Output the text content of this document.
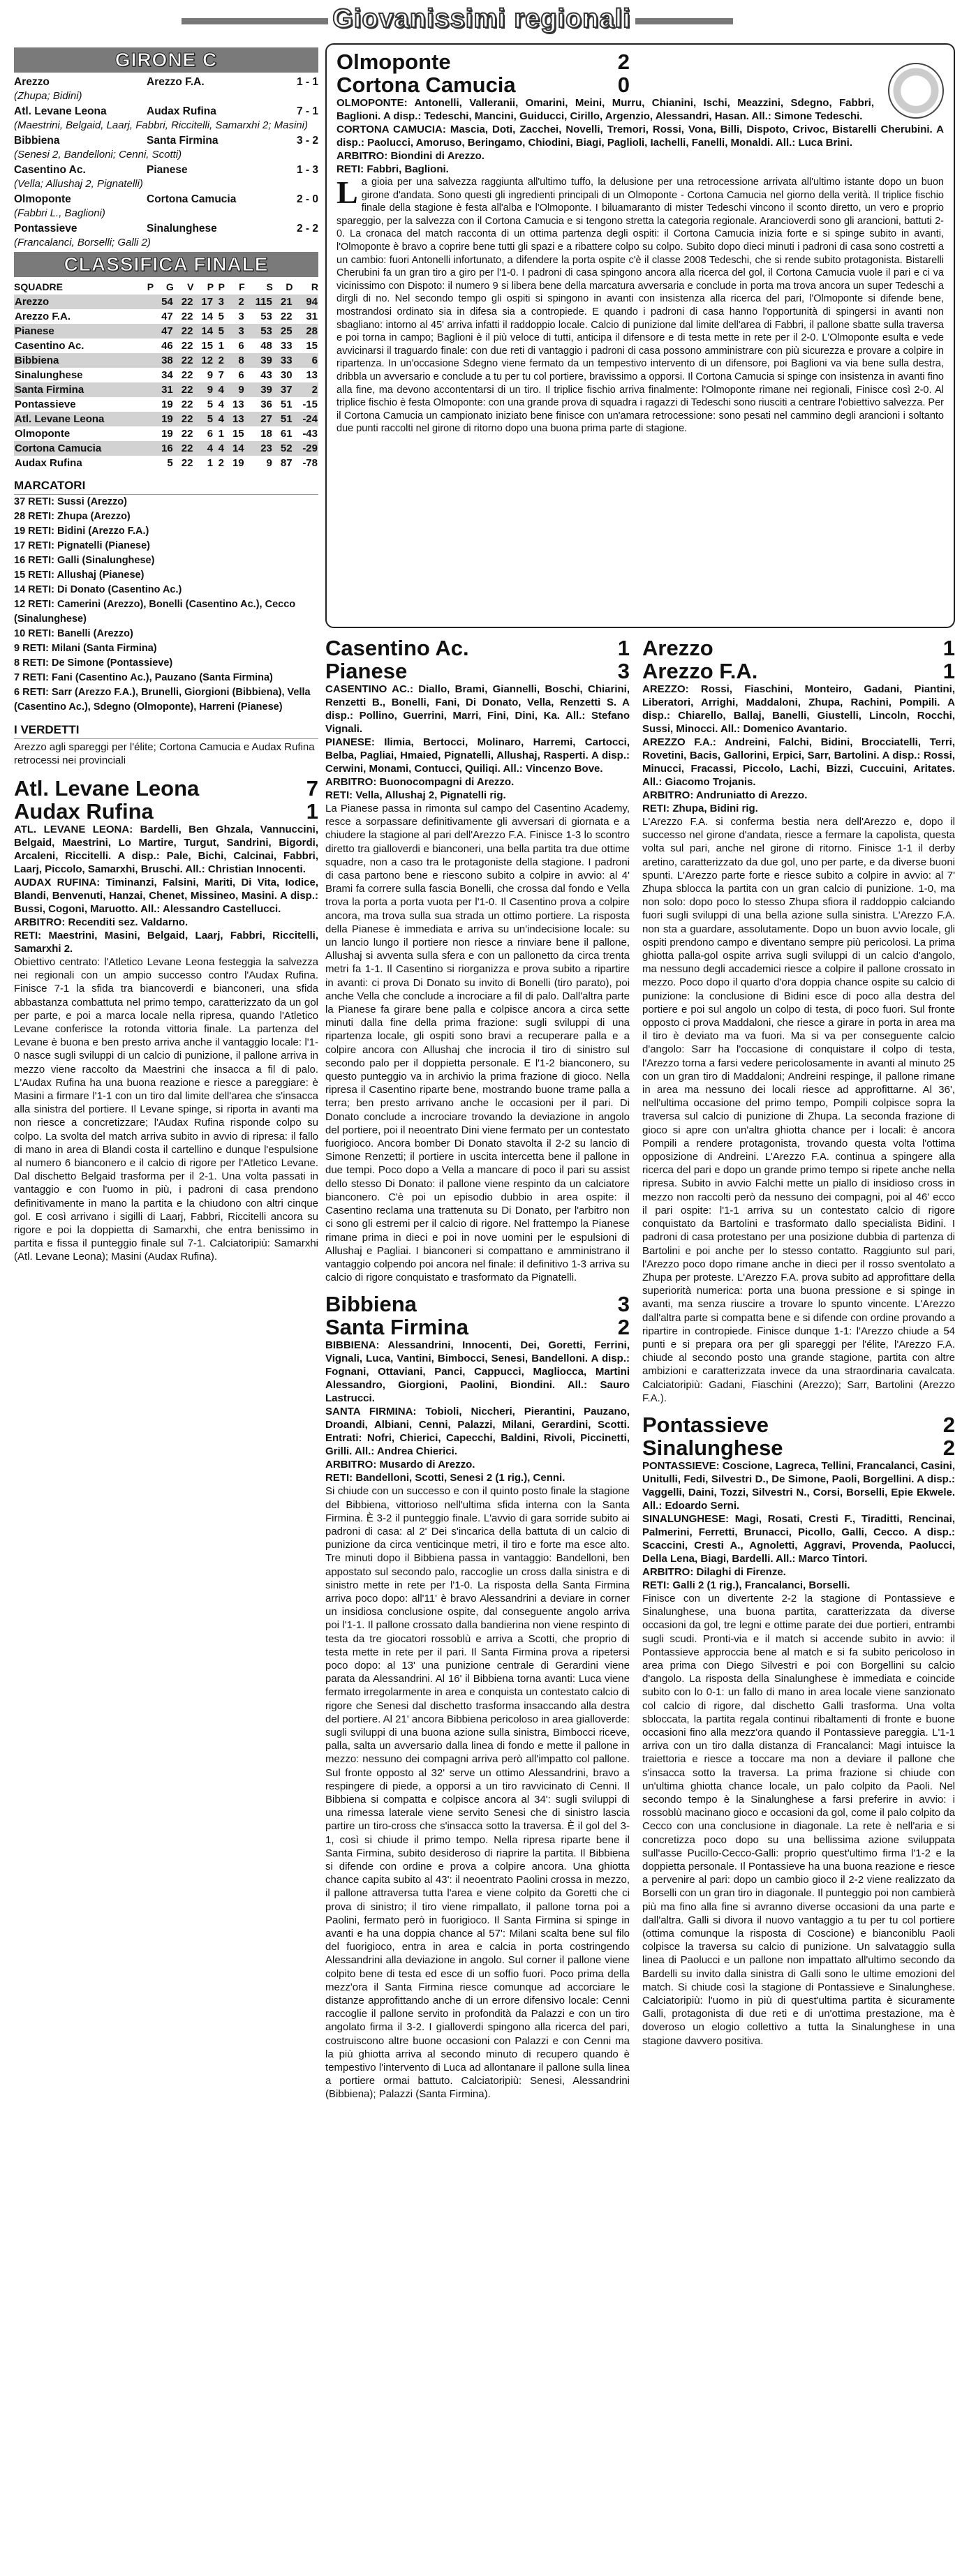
Giovanissimi regionali
GIRONE C
Arezzo	Arezzo F.A.	1 - 1
(Zhupa; Bidini)
Atl. Levane Leona	Audax Rufina	7 - 1
(Maestrini, Belgaid, Laarj, Fabbri, Riccitelli, Samarxhi 2; Masini)
Bibbiena	Santa Firmina	3 - 2
(Senesi 2, Bandelloni; Cenni, Scotti)
Casentino Ac.	Pianese	1 - 3
(Vella; Allushaj 2, Pignatelli)
Olmoponte	Cortona Camucia	2 - 0
(Fabbri L., Baglioni)
Pontassieve	Sinalunghese	2 - 2
(Francalanci, Borselli; Galli 2)
CLASSIFICA FINALE
SQUADRE	P	G	V	P	P	F	S	D	R
Arezzo		54	22	17	3	2	115	21	94
Arezzo F.A.		47	22	14	5	3	53	22	31
Pianese		47	22	14	5	3	53	25	28
Casentino Ac.		46	22	15	1	6	48	33	15
Bibbiena		38	22	12	2	8	39	33	6
Sinalunghese		34	22	9	7	6	43	30	13
Santa Firmina		31	22	9	4	9	39	37	2
Pontassieve		19	22	5	4	13	36	51	-15
Atl. Levane Leona		19	22	5	4	13	27	51	-24
Olmoponte		19	22	6	1	15	18	61	-43
Cortona Camucia		16	22	4	4	14	23	52	-29
Audax Rufina		5	22	1	2	19	9	87	-78
MARCATORI
37 RETI: Sussi (Arezzo)
28 RETI: Zhupa (Arezzo)
19 RETI: Bidini (Arezzo F.A.)
17 RETI: Pignatelli (Pianese)
16 RETI: Galli (Sinalunghese)
15 RETI: Allushaj (Pianese)
14 RETI: Di Donato (Casentino Ac.)
12 RETI: Camerini (Arezzo), Bonelli (Casentino Ac.), Cecco (Sinalunghese)
10 RETI: Banelli (Arezzo)
9 RETI: Milani (Santa Firmina)
8 RETI: De Simone (Pontassieve)
7 RETI: Fani (Casentino Ac.), Pauzano (Santa Firmina)
6 RETI: Sarr (Arezzo F.A.), Brunelli, Giorgioni (Bibbiena), Vella (Casentino Ac.), Sdegno (Olmoponte), Harreni (Pianese)
I VERDETTI
Arezzo agli spareggi per l'élite; Cortona Camucia e Audax Rufina retrocessi nei provinciali
Atl. Levane Leona	7
Audax Rufina	1
ATL. LEVANE LEONA: Bardelli, Ben Ghzala, Vannuccini, Belgaid, Maestrini, Lo Martire, Turgut, Sandrini, Bigordi, Arcaleni, Riccitelli. A disp.: Pale, Bichi, Calcinai, Fabbri, Laarj, Piccolo, Samarxhi, Bruschi. All.: Christian Innocenti.
AUDAX RUFINA: Timinanzi, Falsini, Mariti, Di Vita, Iodice, Blandi, Benvenuti, Hanzai, Chenet, Missineo, Masini. A disp.: Bussi, Cogoni, Maruotto. All.: Alessandro Castellucci.
ARBITRO: Recenditi sez. Valdarno.
RETI: Maestrini, Masini, Belgaid, Laarj, Fabbri, Riccitelli, Samarxhi 2.
Obiettivo centrato: l'Atletico Levane Leona festeggia la salvezza nei regionali con un ampio successo contro l'Audax Rufina. Finisce 7-1 la sfida tra biancoverdi e bianconeri, una sfida abbastanza combattuta nel primo tempo, caratterizzato da un gol per parte, e poi a marca locale nella ripresa, quando l'Atletico Levane conferisce la rotonda vittoria finale. La partenza del Levane è buona e ben presto arriva anche il vantaggio locale: l'1-0 nasce sugli sviluppi di un calcio di punizione, il pallone arriva in mezzo viene raccolto da Maestrini che insacca a fil di palo. L'Audax Rufina ha una buona reazione e riesce a pareggiare: è Masini a firmare l'1-1 con un tiro dal limite dell'area che s'insacca alla sinistra del portiere. Il Levane spinge, si riporta in avanti ma non riesce a concretizzare; l'Audax Rufina risponde colpo su colpo. La svolta del match arriva subito in avvio di ripresa: il fallo di mano in area di Blandi costa il cartellino e dunque l'espulsione al numero 6 bianconero e il calcio di rigore per l'Atletico Levane. Dal dischetto Belgaid trasforma per il 2-1. Una volta passati in vantaggio e con l'uomo in più, i padroni di casa prendono definitivamente in mano la partita e la chiudono con altri cinque gol. E così arrivano i sigilli di Laarj, Fabbri, Riccitelli ancora su rigore e poi la doppietta di Samarxhi, che entra benissimo in partita e fissa il punteggio finale sul 7-1. Calciatoripiù: Samarxhi (Atl. Levane Leona); Masini (Audax Rufina).
Olmoponte	2
Cortona Camucia	0
OLMOPONTE: Antonelli, Valleranii, Omarini, Meini, Murru, Chianini, Ischi, Meazzini, Sdegno, Fabbri, Baglioni. A disp.: Tedeschi, Mancini, Guiducci, Cirillo, Argenzio, Alessandri, Hasan. All.: Simone Tedeschi.
CORTONA CAMUCIA: Mascia, Doti, Zacchei, Novelli, Tremori, Rossi, Vona, Billi, Dispoto, Crivoc, Bistarelli Cherubini. A disp.: Paolucci, Amoruso, Beringamo, Chiodini, Biagi, Paglioli, Iachelli, Fanelli, Monaldi. All.: Luca Brini.
ARBITRO: Biondini di Arezzo.
RETI: Fabbri, Baglioni.
La gioia per una salvezza raggiunta all'ultimo tuffo, la delusione per una retrocessione arrivata all'ultimo istante dopo un buon girone d'andata. Sono questi gli ingredienti principali di un Olmoponte - Cortona Camucia nel giorno della verità. Il triplice fischio finale della stagione è festa all'alba e l'Olmoponte. I biluamaranto di mister Tedeschi vincono il sconto diretto, un vero e proprio spareggio, per la salvezza con il Cortona Camucia e si tengono stretta la categoria regionale. Arancioverdi sono gli arancioni, battuti 2-0. La cronaca del match racconta di un ottima partenza degli ospiti: il Cortona Camucia inizia forte e si spinge subito in avanti, l'Olmoponte è bravo a coprire bene tutti gli spazi e a ribattere colpo su colpo. Subito dopo dieci minuti i padroni di casa sono costretti a un cambio: fuori Antonelli infortunato, a difendere la porta ospite c'è il classe 2008 Tedeschi, che si rende subito protagonista. Bistarelli Cherubini fa un gran tiro a giro per l'1-0. I padroni di casa spingono ancora alla ricerca del gol, il Cortona Camucia vuole il pari e ci va vicinissimo con Dispoto: il numero 9 si libera bene della marcatura avversaria e conclude in porta ma trova ancora un super Tedeschi a dirgli di no. Nel secondo tempo gli ospiti si spingono in avanti con insistenza alla ricerca del pari, l'Olmoponte si difende bene, mostrandosi ordinato sia in difesa sia a contropiede. E quando i padroni di casa hanno l'opportunità di spingersi in avanti non sbagliano: intorno al 45' arriva infatti il raddoppio locale. Calcio di punizione dal limite dell'area di Fabbri, il pallone sbatte sulla traversa e poi torna in campo; Baglioni è il più veloce di tutti, anticipa il difensore e di testa mette in rete per il 2-0. L'Olmoponte esulta e vede avvicinarsi il traguardo finale: con due reti di vantaggio i padroni di casa possono amministrare con più sicurezza e provare a colpire in ripartenza. In un'occasione Sdegno viene fermato da un tempestivo intervento di un difensore, poi Baglioni va via bene sulla destra, dribbla un avversario e conclude a tu per tu col portiere, bravissimo a opporsi. Il Cortona Camucia si spinge con insistenza in avanti fino alla fine, ma devono accontentarsi di un tiro. Il triplice fischio arriva finalmente: l'Olmoponte rimane nei regionali, Finisce così 2-0. Al triplice fischio è festa Olmoponte: con una grande prova di squadra i ragazzi di Tedeschi sono riusciti a centrare l'obiettivo salvezza. Per il Cortona Camucia un campionato iniziato bene finisce con un'amara retrocessione: sono pesati nel cammino degli arancioni i soltanto due punti raccolti nel girone di ritorno dopo una buona prima parte di stagione.
Casentino Ac.	1
Pianese	3
CASENTINO AC.: Diallo, Brami, Giannelli, Boschi, Chiarini, Renzetti B., Bonelli, Fani, Di Donato, Vella, Renzetti S. A disp.: Pollino, Guerrini, Marri, Fini, Dini, Ka. All.: Stefano Vignali.
PIANESE: Ilimia, Bertocci, Molinaro, Harremi, Cartocci, Belba, Pagliai, Hmaied, Pignatelli, Allushaj, Rasperti. A disp.: Cerwini, Monami, Contucci, Quiliqi. All.: Vincenzo Bove.
ARBITRO: Buonocompagni di Arezzo.
RETI: Vella, Allushaj 2, Pignatelli rig.
La Pianese passa in rimonta sul campo del Casentino Academy, resce a sorpassare definitivamente gli avversari di giornata e a chiudere la stagione al pari dell'Arezzo F.A. Finisce 1-3 lo scontro diretto tra gialloverdi e bianconeri, una bella partita tra due ottime squadre, non a caso tra le protagoniste della stagione. I padroni di casa partono bene e riescono subito a colpire in avvio: al 4' Brami fa correre sulla fascia Bonelli, che crossa dal fondo e Vella trova la porta a porta vuota per l'1-0. Il Casentino prova a colpire ancora, ma trova sulla sua strada un ottimo portiere. La risposta della Pianese è immediata e arriva su un'indecisione locale: su un lancio lungo il portiere non riesce a rinviare bene il pallone, Allushaj si avventa sulla sfera e con un pallonetto da circa trenta metri fa 1-1. Il Casentino si riorganizza e prova subito a ripartire in avanti: ci prova Di Donato su invito di Bonelli (tiro parato), poi anche Vella che conclude a incrociare a fil di palo. Dall'altra parte la Pianese fa girare bene palla e colpisce ancora a circa sette minuti dalla fine della prima frazione: sugli sviluppi di una ripartenza locale, gli ospiti sono bravi a recuperare palla e a colpire ancora con Allushaj che incrocia il tiro di sinistro sul secondo palo per il doppietta personale. E l'1-2 bianconero, su questo punteggio va in archivio la prima frazione di gioco. Nella ripresa il Casentino riparte bene, mostrando buone trame palla a terra; ben presto arrivano anche le occasioni per il pari. Di Donato conclude a incrociare trovando la deviazione in angolo del portiere, poi il neoentrato Dini viene fermato per un contestato fuorigioco. Ancora bomber Di Donato stavolta il 2-2 su lancio di Simone Renzetti; il portiere in uscita intercetta bene il pallone in due tempi. Poco dopo a Vella a mancare di poco il pari su assist dello stesso Di Donato: il pallone viene respinto da un calciatore bianconero. C'è poi un episodio dubbio in area ospite: il Casentino reclama una trattenuta su Di Donato, per l'arbitro non ci sono gli estremi per il calcio di rigore. Nel frattempo la Pianese rimane prima in dieci e poi in nove uomini per le espulsioni di Allushaj e Pagliai. I bianconeri si compattano e amministrano il vantaggio colpendo poi ancora nel finale: il definitivo 1-3 arriva su calcio di rigore conquistato e trasformato da Pignatelli.
Bibbiena	3
Santa Firmina	2
BIBBIENA: Alessandrini, Innocenti, Dei, Goretti, Ferrini, Vignali, Luca, Vantini, Bimbocci, Senesi, Bandelloni. A disp.: Fognani, Ottaviani, Panci, Cappucci, Magliocca, Martini Alessandro, Giorgioni, Paolini, Biondini. All.: Sauro Lastrucci.
SANTA FIRMINA: Tobioli, Niccheri, Pierantini, Pauzano, Droandi, Albiani, Cenni, Palazzi, Milani, Gerardini, Scotti. Entrati: Nofri, Chierici, Capecchi, Baldini, Rivoli, Piccinetti, Grilli. All.: Andrea Chierici.
ARBITRO: Musardo di Arezzo.
RETI: Bandelloni, Scotti, Senesi 2 (1 rig.), Cenni.
Si chiude con un successo e con il quinto posto finale la stagione del Bibbiena, vittorioso nell'ultima sfida interna con la Santa Firmina. È 3-2 il punteggio finale. L'avvio di gara sorride subito ai padroni di casa: al 2' Dei s'incarica della battuta di un calcio di punizione da circa venticinque metri, il tiro e forte ma esce alto. Tre minuti dopo il Bibbiena passa in vantaggio: Bandelloni, ben appostato sul secondo palo, raccoglie un cross dalla sinistra e di sinistro mette in rete per l'1-0. La risposta della Santa Firmina arriva poco dopo: all'11' è bravo Alessandrini a deviare in corner un insidiosa conclusione ospite, dal conseguente angolo arriva poi l'1-1. Il pallone crossato dalla bandierina non viene respinto di testa da tre giocatori rossoblù e arriva a Scotti, che proprio di testa mette in rete per il pari. Il Santa Firmina prova a ripetersi poco dopo: al 13' una punizione centrale di Gerardini viene parata da Alessandrini. Al 16' il Bibbiena torna avanti: Luca viene fermato irregolarmente in area e conquista un contestato calcio di rigore che Senesi dal dischetto trasforma insaccando alla destra del portiere. Al 21' ancora Bibbiena pericoloso in area gialloverde: sugli sviluppi di una buona azione sulla sinistra, Bimbocci riceve, palla, salta un avversario dalla linea di fondo e mette il pallone in mezzo: nessuno dei compagni arriva però all'impatto col pallone. Sul fronte opposto al 32' serve un ottimo Alessandrini, bravo a respingere di piede, a opporsi a un tiro ravvicinato di Cenni. Il Bibbiena si compatta e colpisce ancora al 34': sugli sviluppi di una rimessa laterale viene servito Senesi che di sinistro lascia partire un tiro-cross che s'insacca sotto la traversa. È il gol del 3-1, così si chiude il primo tempo. Nella ripresa riparte bene il Santa Firmina, subito desideroso di riaprire la partita. Il Bibbiena si difende con ordine e prova a colpire ancora. Una ghiotta chance capita subito al 43': il neoentrato Paolini crossa in mezzo, il pallone attraversa tutta l'area e viene colpito da Goretti che ci prova di sinistro; il tiro viene rimpallato, il pallone torna poi a Paolini, fermato però in fuorigioco. Il Santa Firmina si spinge in avanti e ha una doppia chance al 57': Milani scalta bene sul filo del fuorigioco, entra in area e calcia in porta costringendo Alessandrini alla deviazione in angolo. Sul corner il pallone viene colpito bene di testa ed esce di un soffio fuori. Poco prima della mezz'ora il Santa Firmina riesce comunque ad accorciare le distanze approfittando anche di un errore difensivo locale: Cenni raccoglie il pallone servito in profondità da Palazzi e con un tiro angolato firma il 3-2. I gialloverdi spingono alla ricerca del pari, costruiscono altre buone occasioni con Palazzi e con Cenni ma la più ghiotta arriva al secondo minuto di recupero quando è tempestivo l'intervento di Luca ad allontanare il pallone sulla linea a portiere ormai battuto. Calciatoripiù: Senesi, Alessandrini (Bibbiena); Palazzi (Santa Firmina).
Arezzo	1
Arezzo F.A.	1
AREZZO: Rossi, Fiaschini, Monteiro, Gadani, Piantini, Liberatori, Arrighi, Maddaloni, Zhupa, Rachini, Pompili. A disp.: Chiarello, Ballaj, Banelli, Giustelli, Lincoln, Rocchi, Sussi, Minocci. All.: Domenico Avantario.
AREZZO F.A.: Andreini, Falchi, Bidini, Brocciatelli, Terri, Rovetini, Bacis, Gallorini, Erpici, Sarr, Bartolini. A disp.: Rossi, Minucci, Fracassi, Piccolo, Lachi, Bizzi, Cuccuini, Aritates. All.: Giacomo Trojanis.
ARBITRO: Andruniatto di Arezzo.
RETI: Zhupa, Bidini rig.
L'Arezzo F.A. si conferma bestia nera dell'Arezzo e, dopo il successo nel girone d'andata, riesce a fermare la capolista, questa volta sul pari, anche nel girone di ritorno. Finisce 1-1 il derby aretino, caratterizzato da due gol, uno per parte, e da diverse buoni spunti. L'Arezzo parte forte e riesce subito a colpire in avvio: al 7' Zhupa sblocca la partita con un gran calcio di punizione. 1-0, ma non solo: dopo poco lo stesso Zhupa sfiora il raddoppio calciando fuori sugli sviluppi di una bella azione sulla sinistra. L'Arezzo F.A. non sta a guardare, assolutamente. Dopo un buon avvio locale, gli ospiti prendono campo e diventano sempre più pericolosi. La prima ghiotta palla-gol ospite arriva sugli sviluppi di un calcio d'angolo, ma nessuno degli accademici riesce a colpire il pallone crossato in mezzo. Poco dopo il quarto d'ora doppia chance ospite su calcio di punizione: la conclusione di Bidini esce di poco alla destra del portiere e poi sul angolo un colpo di testa, di poco fuori. Sul fronte opposto ci prova Maddaloni, che riesce a girare in porta in area ma il tiro è deviato ma va fuori. Ma si va per conseguente calcio d'angolo: Sarr ha l'occasione di conquistare il colpo di testa, l'Arezzo torna a farsi vedere pericolosamente in avanti al minuto 25 con un gran tiro di Maddaloni; Andreini respinge, il pallone rimane in area ma nessuno dei locali riesce ad approfittarne. Al 36', nell'ultima occasione del primo tempo, Pompili colpisce sopra la traversa sul calcio di punizione di Zhupa. La seconda frazione di gioco si apre con un'altra ghiotta chance per i locali: è ancora Pompili a rendere protagonista, trovando questa volta l'ottima opposizione di Andreini. L'Arezzo F.A. continua a spingere alla ricerca del pari e dopo un grande primo tempo si ripete anche nella ripresa. Subito in avvio Falchi mette un piallo di insidioso cross in mezzo non raccolti però da nessuno dei compagni, poi al 46' ecco il pari ospite: l'1-1 arriva su un contestato calcio di rigore conquistato da Bartolini e trasformato dallo specialista Bidini. I padroni di casa protestano per una posizione dubbia di partenza di Bartolini e poi anche per lo stesso contatto. Raggiunto sul pari, l'Arezzo poco dopo rimane anche in dieci per il rosso sventolato a Zhupa per proteste. L'Arezzo F.A. prova subito ad approfittare della superiorità numerica: porta una buona pressione e si spinge in avanti, ma senza riuscire a trovare lo spunto vincente. L'Arezzo dall'altra parte si compatta bene e si difende con ordine provando a ripartire in contropiede. Finisce dunque 1-1: l'Arezzo chiude a 54 punti e si prepara ora per gli spareggi per l'élite, l'Arezzo F.A. chiude al secondo posto una grande stagione, partita con altre ambizioni e caratterizzata invece da una straordinaria cavalcata. Calciatoripiù: Gadani, Fiaschini (Arezzo); Sarr, Bartolini (Arezzo F.A.).
Pontassieve	2
Sinalunghese	2
PONTASSIEVE: Coscione, Lagreca, Tellini, Francalanci, Casini, Unitulli, Fedi, Silvestri D., De Simone, Paoli, Borgellini. A disp.: Vaggelli, Daini, Tozzi, Silvestri N., Corsi, Borselli, Epie Ekwele. All.: Edoardo Serni.
SINALUNGHESE: Magi, Rosati, Cresti F., Tiraditti, Rencinai, Palmerini, Ferretti, Brunacci, Picollo, Galli, Cecco. A disp.: Scaccini, Cresti A., Agnoletti, Aggravi, Provenda, Paolucci, Della Lena, Biagi, Bardelli. All.: Marco Tintori.
ARBITRO: Dilaghi di Firenze.
RETI: Galli 2 (1 rig.), Francalanci, Borselli.
Finisce con un divertente 2-2 la stagione di Pontassieve e Sinalunghese, una buona partita, caratterizzata da diverse occasioni da gol, tre legni e ottime parate dei due portieri, entrambi sugli scudi. Pronti-via e il match si accende subito in avvio: il Pontassieve approccia bene al match e si fa subito pericoloso in area prima con Diego Silvestri e poi con Borgellini su calcio d'angolo. La risposta della Sinalunghese è immediata e coincide subito con lo 0-1: un fallo di mano in area locale viene sanzionato col calcio di rigore, dal dischetto Galli trasforma. Una volta sbloccata, la partita regala continui ribaltamenti di fronte e buone occasioni fino alla mezz'ora quando il Pontassieve pareggia. L'1-1 arriva con un tiro dalla distanza di Francalanci: Magi intuisce la traiettoria e riesce a toccare ma non a deviare il pallone che s'insacca sotto la traversa. La prima frazione si chiude con un'ultima ghiotta chance locale, un palo colpito da Paoli. Nel secondo tempo è la Sinalunghese a farsi preferire in avvio: i rossoblù macinano gioco e occasioni da gol, come il palo colpito da Cecco con una conclusione in diagonale. La rete è nell'aria e si concretizza poco dopo su una bellissima azione sviluppata sull'asse Pucillo-Cecco-Galli: proprio quest'ultimo firma l'1-2 e la doppietta personale. Il Pontassieve ha una buona reazione e riesce a pervenire al pari: dopo un cambio gioco il 2-2 viene realizzato da Borselli con un gran tiro in diagonale. Il punteggio poi non cambierà più ma fino alla fine si avranno diverse occasioni da una parte e dall'altra. Galli si divora il nuovo vantaggio a tu per tu col portiere (ottima comunque la risposta di Coscione) e bianconiblu Paoli colpisce la traversa su calcio di punizione. Un salvataggio sulla linea di Paolucci e un pallone non impattato all'ultimo secondo da Bardelli su invito dalla sinistra di Galli sono le ultime emozioni del match. Si chiude così la stagione di Pontassieve e Sinalunghese. Calciatoripiù: l'uomo in più di quest'ultima partita è sicuramente Galli, protagonista di due reti e di un'ottima prestazione, ma è doveroso un elogio collettivo a tutta la Sinalunghese in una stagione davvero positiva.
